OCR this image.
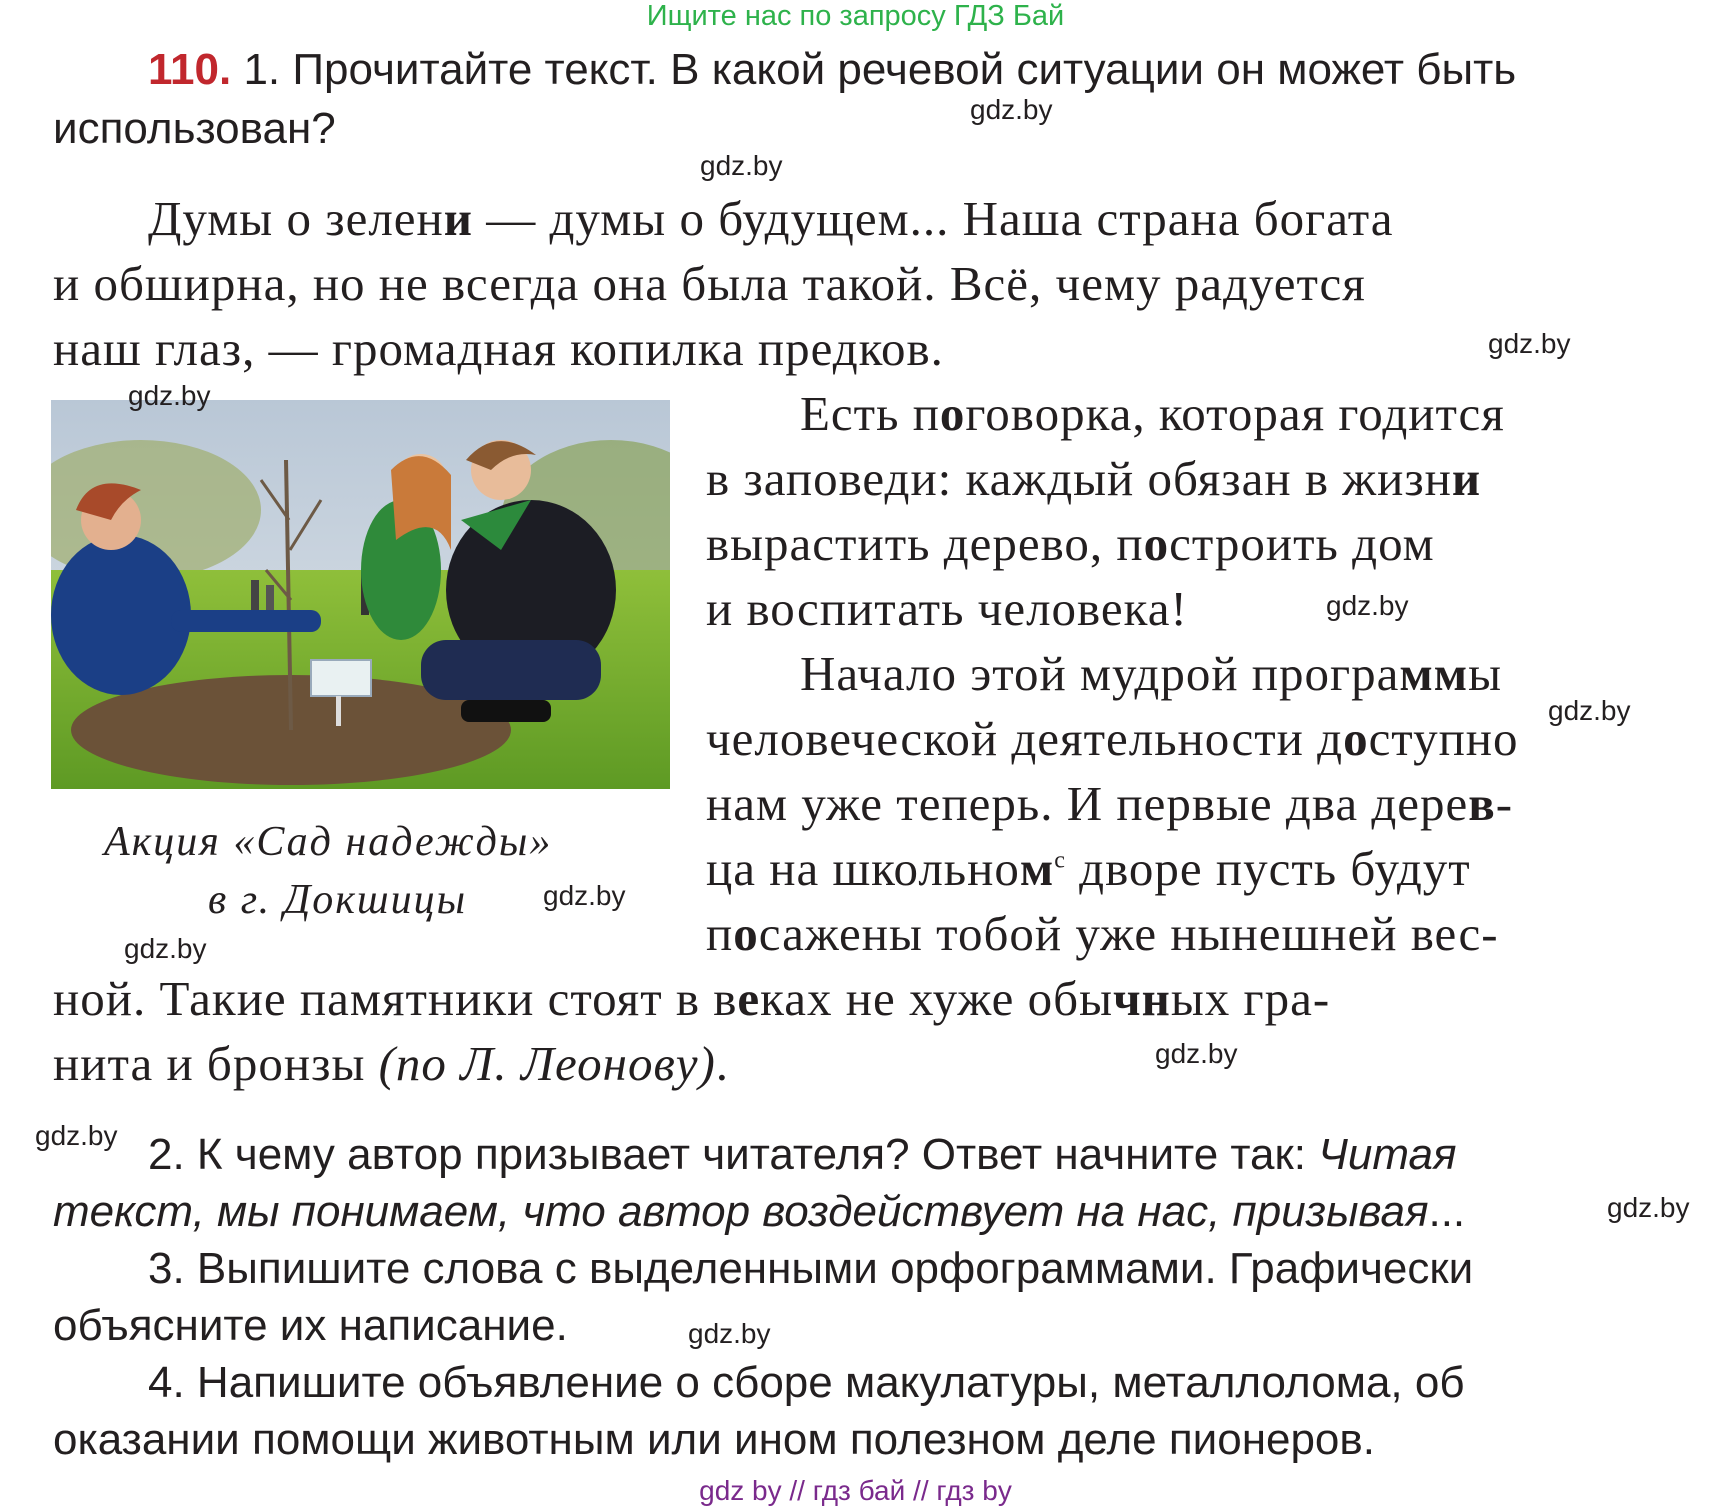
Ищите нас по запросу ГДЗ Бай
110. 1. Прочитайте текст. В какой речевой ситуации он может быть
использован?
Думы о зелени — думы о будущем... Наша страна богата
и обширна, но не всегда она была такой. Всё, чему радуется
наш глаз, — громадная копилка предков.
Есть поговорка, которая годится
в заповеди: каждый обязан в жизни
вырастить дерево, построить дом
и воспитать человека!
Начало этой мудрой программы
человеческой деятельности доступно
нам уже теперь. И первые два дерев-
ца на школьном$^с$ дворе пусть будут
посажены тобой уже нынешней вес-
ной. Такие памятники стоят в веках не хуже обычных гра-
нита и бронзы (по Л. Леонову).
Акция «Сад надежды»
в г. Докшицы
2. К чему автор призывает читателя? Ответ начните так: Читая
текст, мы понимаем, что автор воздействует на нас, призывая...
3. Выпишите слова с выделенными орфограммами. Графически
объясните их написание.
4. Напишите объявление о сборе макулатуры, металлолома, об
оказании помощи животным или ином полезном деле пионеров.
gdz.by
gdz.by
gdz.by
gdz.by
gdz.by
gdz.by
gdz.by
gdz.by
gdz.by
gdz.by
gdz.by
gdz.by
gdz by // гдз бай // гдз by
